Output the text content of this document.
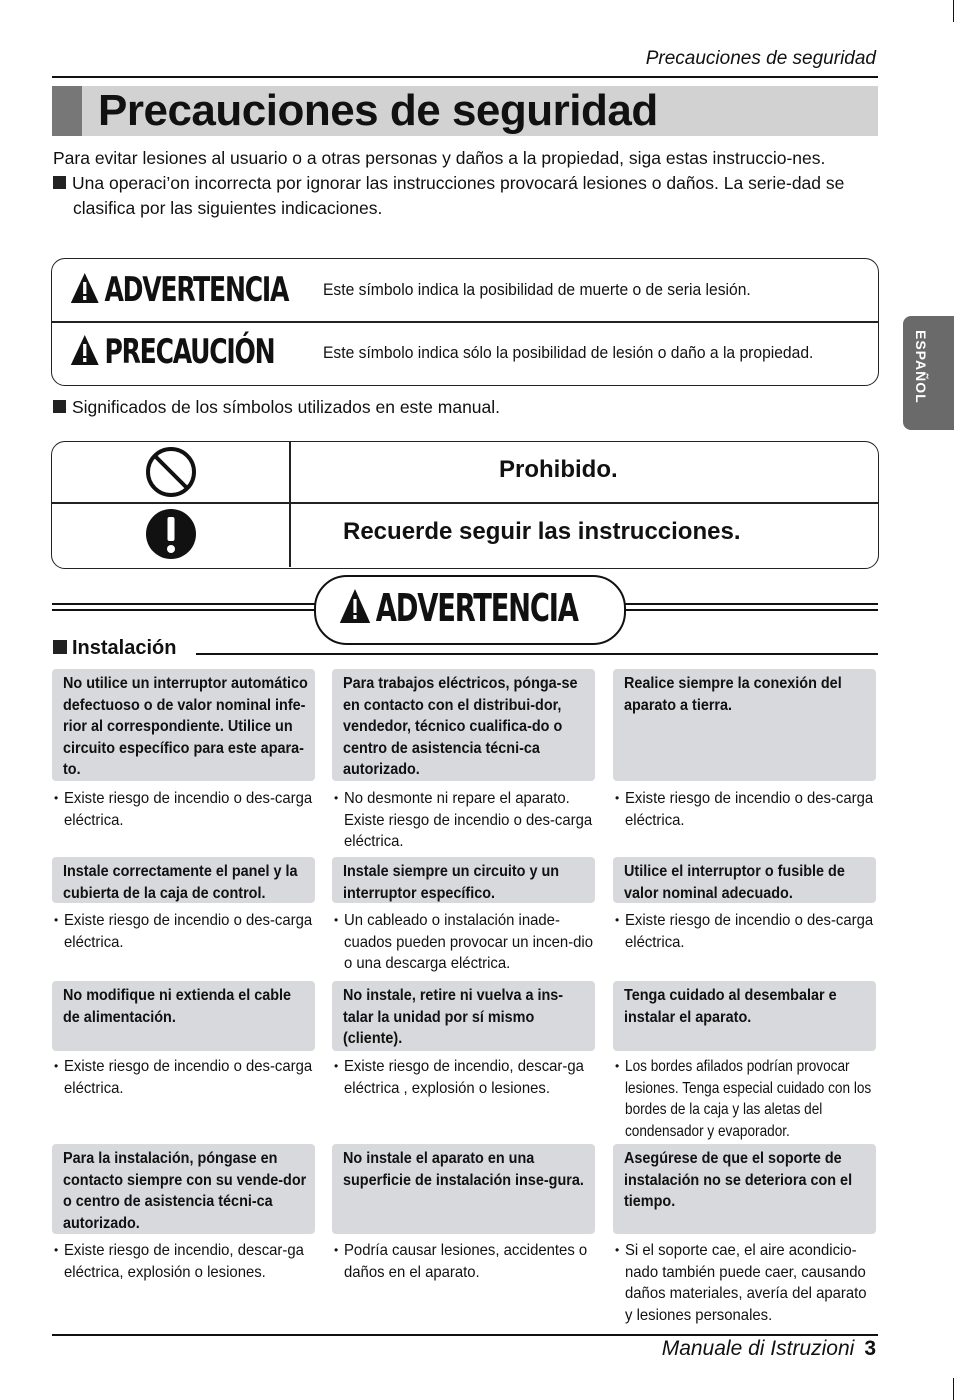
Precauciones de seguridad
Precauciones de seguridad

Para evitar lesiones al usuario o a otras personas y daños a la propiedad, siga estas instruccio-nes.

Una operaci’on incorrecta por ignorar las instrucciones provocará lesiones o daños. La serie-dad se clasifica por las siguientes indicaciones.

ADVERTENCIA Este símbolo indica la posibilidad de muerte o de seria lesión.
PRECAUCIÓN	Este símbolo indica sólo la posibilidad de lesión o daño a la propiedad.
Significados de los símbolos utilizados en este manual.
Prohibido.
Recuerde seguir las instrucciones.
ADVERTENCIA
Instalación
No utilice un interruptor automático defectuoso o de valor nominal infe-rior al correspondiente. Utilice un circuito específico para este apara-to.
Para trabajos eléctricos, pónga-se en contacto con el distribui-dor, vendedor, técnico cualifica-do o centro de asistencia técni-ca autorizado.
Realice siempre la conexión del aparato a tierra.
• Existe riesgo de incendio o des-carga eléctrica.
• No desmonte ni repare el aparato. Existe riesgo de incendio o des-carga eléctrica.
• Existe riesgo de incendio o des-carga eléctrica.
Instale correctamente el panel y la cubierta de la caja de control.
Instale siempre un circuito y un interruptor específico.
Utilice el interruptor o fusible de valor nominal adecuado.
• Existe riesgo de incendio o des-carga eléctrica.
• Un cableado o instalación inade-cuados pueden provocar un incen-dio o una descarga eléctrica.
• Existe riesgo de incendio o des-carga eléctrica.
No modifique ni extienda el cable de alimentación.
No instale, retire ni vuelva a ins-talar la unidad por sí mismo (cliente).
Tenga cuidado al desembalar e instalar el aparato.
• Existe riesgo de incendio o des-carga eléctrica.
• Existe riesgo de incendio, descar-ga eléctrica , explosión o lesiones.
• Los bordes afilados podrían provocar lesiones. Tenga especial cuidado con los bordes de la caja y las aletas del condensador y evaporador.
Para la instalación, póngase en contacto siempre con su vende-dor o centro de asistencia técni-ca autorizado.
No instale el aparato en una superficie de instalación inse-gura.
Asegúrese de que el soporte de instalación no se deteriora con el tiempo.
• Existe riesgo de incendio, descar-ga eléctrica, explosión o lesiones.
• Podría causar lesiones, accidentes o daños en el aparato.
• Si el soporte cae, el aire acondicio-nado también puede caer, causando daños materiales, avería del aparato y lesiones personales.
Manuale di Istruzioni 3
ESPAÑOL
